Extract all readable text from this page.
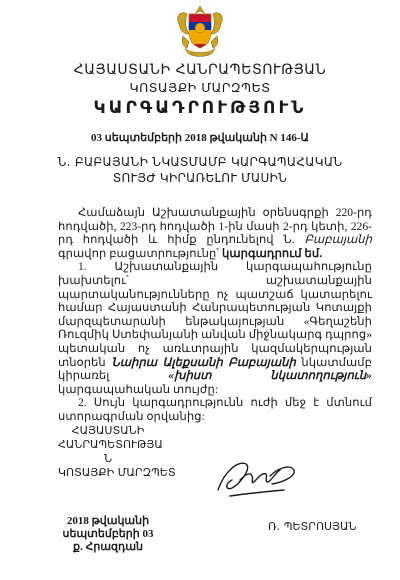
ՀԱՅԱՍՏԱՆԻ ՀԱՆՐԱՊԵՏՈՒԹՅԱՆ
ԿՈՏԱՅՔԻ ՄԱՐԶՊԵՏ
ԿԱՐԳԱԴՐՈՒԹՅՈՒՆ
03 սեպտեմբերի 2018 թվականի N 146-Ա
Ն. ԲԱԲԱՅԱՆԻ ՆԿԱՏՄԱՄԲ ԿԱՐԳԱՊԱՀԱԿԱՆ
ՏՈՒՅԺ ԿԻՐԱՌԵԼՈՒ ՄԱՍԻՆ

Համաձայն Աշխատանքային օրենսգրքի 220-րդ հոդվածի, 223-րդ հոդվածի 1-ին մասի 2-րդ կետի, 226-րդ հոդվածի և հիմք ընդունելով Ն. Բաբայանի գրավոր բացատրությունը՝ կարգադրում եմ.

1. Աշխատանքային կարգապահությունը խախտելու՝ աշխատանքային պարտականությունները ոչ պատշաճ կատարելու համար Հայաստանի Հանրապետության Կոտայքի մարզպետարանի ենթակայության «Գեղաշենի Ռուզմիկ Ստեփանյանի անվան միջնակարգ դպրոց» պետական ոչ առևտրային կազմակերպության տնօրեն Նաիրա Ալեքսանի Բաբայանի նկատմամբ կիրառել	«խիստ նկատողություն» կարգապահական տույժը:

2. Սույն կարգադրությունն ուժի մեջ է մտնում ստորագրման օրվանից:

ՀԱՅԱՍՏԱՆԻ
ՀԱՆՐԱՊԵՏՈՒԹՅԱ
Ն
ԿՈՏԱՅՔԻ ՄԱՐԶՊԵՏ
2018 թվականի
սեպտեմբերի 03
ք. Հրազդան
Ռ. ՊԵՏՐՈՍՅԱՆ
